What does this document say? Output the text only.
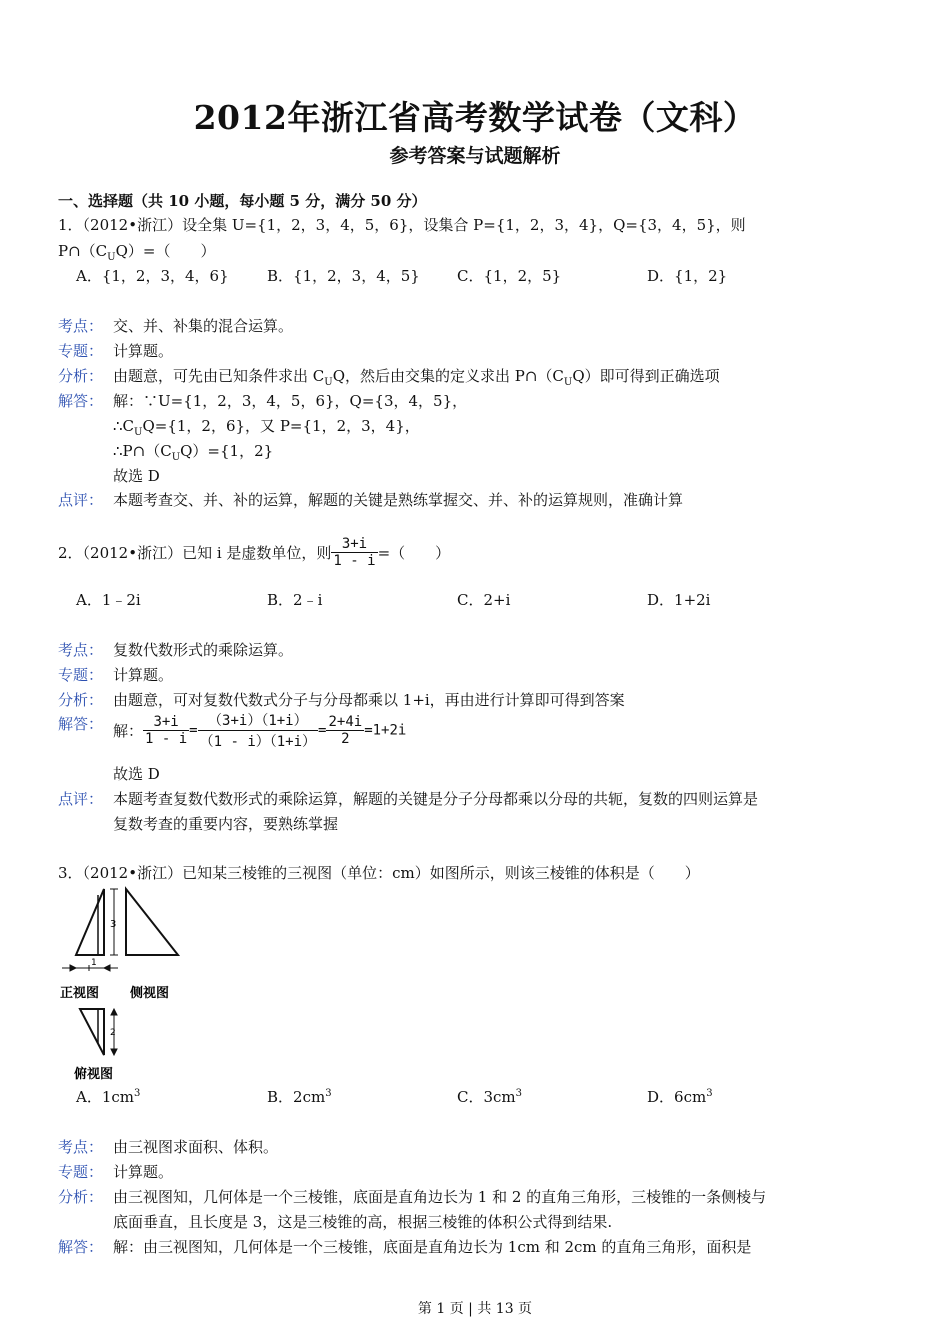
2012年浙江省高考数学试卷（文科）
参考答案与试题解析
一、选择题（共 10 小题，每小题 5 分，满分 50 分）
1．（2012•浙江）设全集 U={1，2，3，4，5，6}，设集合 P={1，2，3，4}，Q={3，4，5}，则
$P\cap(C_UQ)=$（　　）
A．{1，2，3，4，6}	B．{1，2，3，4，5} C．{1，2，5}	D．{1，2}
考点： 交、并、补集的混合运算。
专题： 计算题。
分析： 由题意，可先由已知条件求出 $C_UQ$，然后由交集的定义求出 $P\cap(C_UQ)$即可得到正确选项
解答： 解：∵U={1，2，3，4，5，6}，Q={3，4，5}，
$\therefore C_UQ=\{1$，2，6}，又 P={1，2，3，4}，
$\therefore P\cap(C_UQ)=\{1$，2}
故选 D
点评： 本题考查交、并、补的运算，解题的关键是熟练掌握交、并、补的运算规则，准确计算
2．（2012•浙江）已知 i 是虚数单位，则 $\frac{3+i}{1 - i}$ =（　　）
A．1﹣2i	B．2﹣i	C．2+i	D．1+2i
考点： 复数代数形式的乘除运算。
专题： 计算题。
分析： 由题意，可对复数代数式分子与分母都乘以 1+i，再由进行计算即可得到答案
解答： 解： $\frac{3+i}{1 - i} = \frac{(3+i)(1+i)}{(1 - i)(1+i)} = \frac{2+4i}{2} =1+2i$
故选 D
点评： 本题考查复数代数形式的乘除运算，解题的关键是分子分母都乘以分母的共轭，复数的四则运算是
复数考查的重要内容，要熟练掌握
3．（2012•浙江）已知某三棱锥的三视图（单位：cm）如图所示，则该三棱锥的体积是（　　）
3
1
正视图 侧视图
2
俯视图
A．$1cm^3$	B．$2cm^3$	C．$3cm^3$	D．$6cm^3$
考点： 由三视图求面积、体积。
专题： 计算题。
分析： 由三视图知，几何体是一个三棱锥，底面是直角边长为 1 和 2 的直角三角形，三棱锥的一条侧棱与
底面垂直，且长度是 3，这是三棱锥的高，根据三棱锥的体积公式得到结果.
解答： 解：由三视图知，几何体是一个三棱锥，底面是直角边长为 1cm 和 2cm 的直角三角形，面积是
第 1 页 | 共 13 页
